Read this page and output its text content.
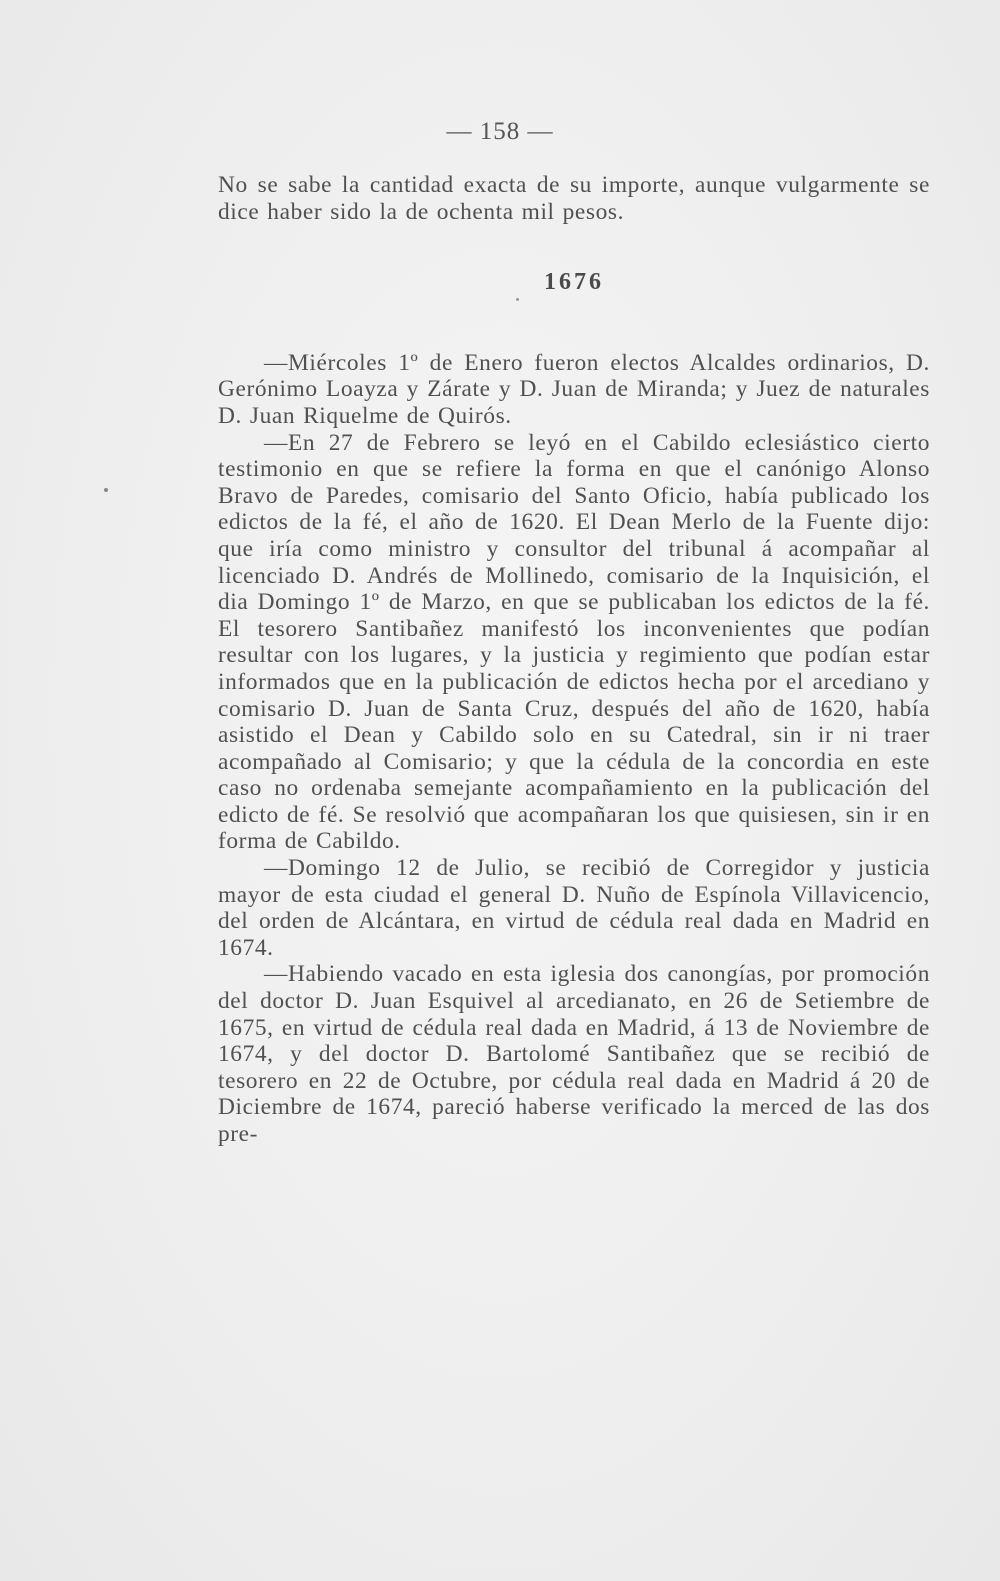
— 158 —

No se sabe la cantidad exacta de su importe, aunque vulgarmente se dice haber sido la de ochenta mil pesos.

1676

—Miércoles 1º de Enero fueron electos Alcaldes ordinarios, D. Gerónimo Loayza y Zárate y D. Juan de Miranda; y Juez de naturales D. Juan Riquelme de Quirós.

—En 27 de Febrero se leyó en el Cabildo eclesiástico cierto testimonio en que se refiere la forma en que el canónigo Alonso Bravo de Paredes, comisario del Santo Oficio, había publicado los edictos de la fé, el año de 1620. El Dean Merlo de la Fuente dijo: que iría como ministro y consultor del tribunal á acompañar al licenciado D. Andrés de Mollinedo, comisario de la Inquisición, el dia Domingo 1º de Marzo, en que se publicaban los edictos de la fé. El tesorero Santibañez manifestó los inconvenientes que podían resultar con los lugares, y la justicia y regimiento que podían estar informados que en la publicación de edictos hecha por el arcediano y comisario D. Juan de Santa Cruz, después del año de 1620, había asistido el Dean y Cabildo solo en su Catedral, sin ir ni traer acompañado al Comisario; y que la cédula de la concordia en este caso no ordenaba semejante acompañamiento en la publicación del edicto de fé. Se resolvió que acompañaran los que quisiesen, sin ir en forma de Cabildo.

—Domingo 12 de Julio, se recibió de Corregidor y justicia mayor de esta ciudad el general D. Nuño de Espínola Villavicencio, del orden de Alcántara, en virtud de cédula real dada en Madrid en 1674.

—Habiendo vacado en esta iglesia dos canongías, por promoción del doctor D. Juan Esquivel al arcedianato, en 26 de Setiembre de 1675, en virtud de cédula real dada en Madrid, á 13 de Noviembre de 1674, y del doctor D. Bartolomé Santibañez que se recibió de tesorero en 22 de Octubre, por cédula real dada en Madrid á 20 de Diciembre de 1674, pareció haberse verificado la merced de las dos pre-
